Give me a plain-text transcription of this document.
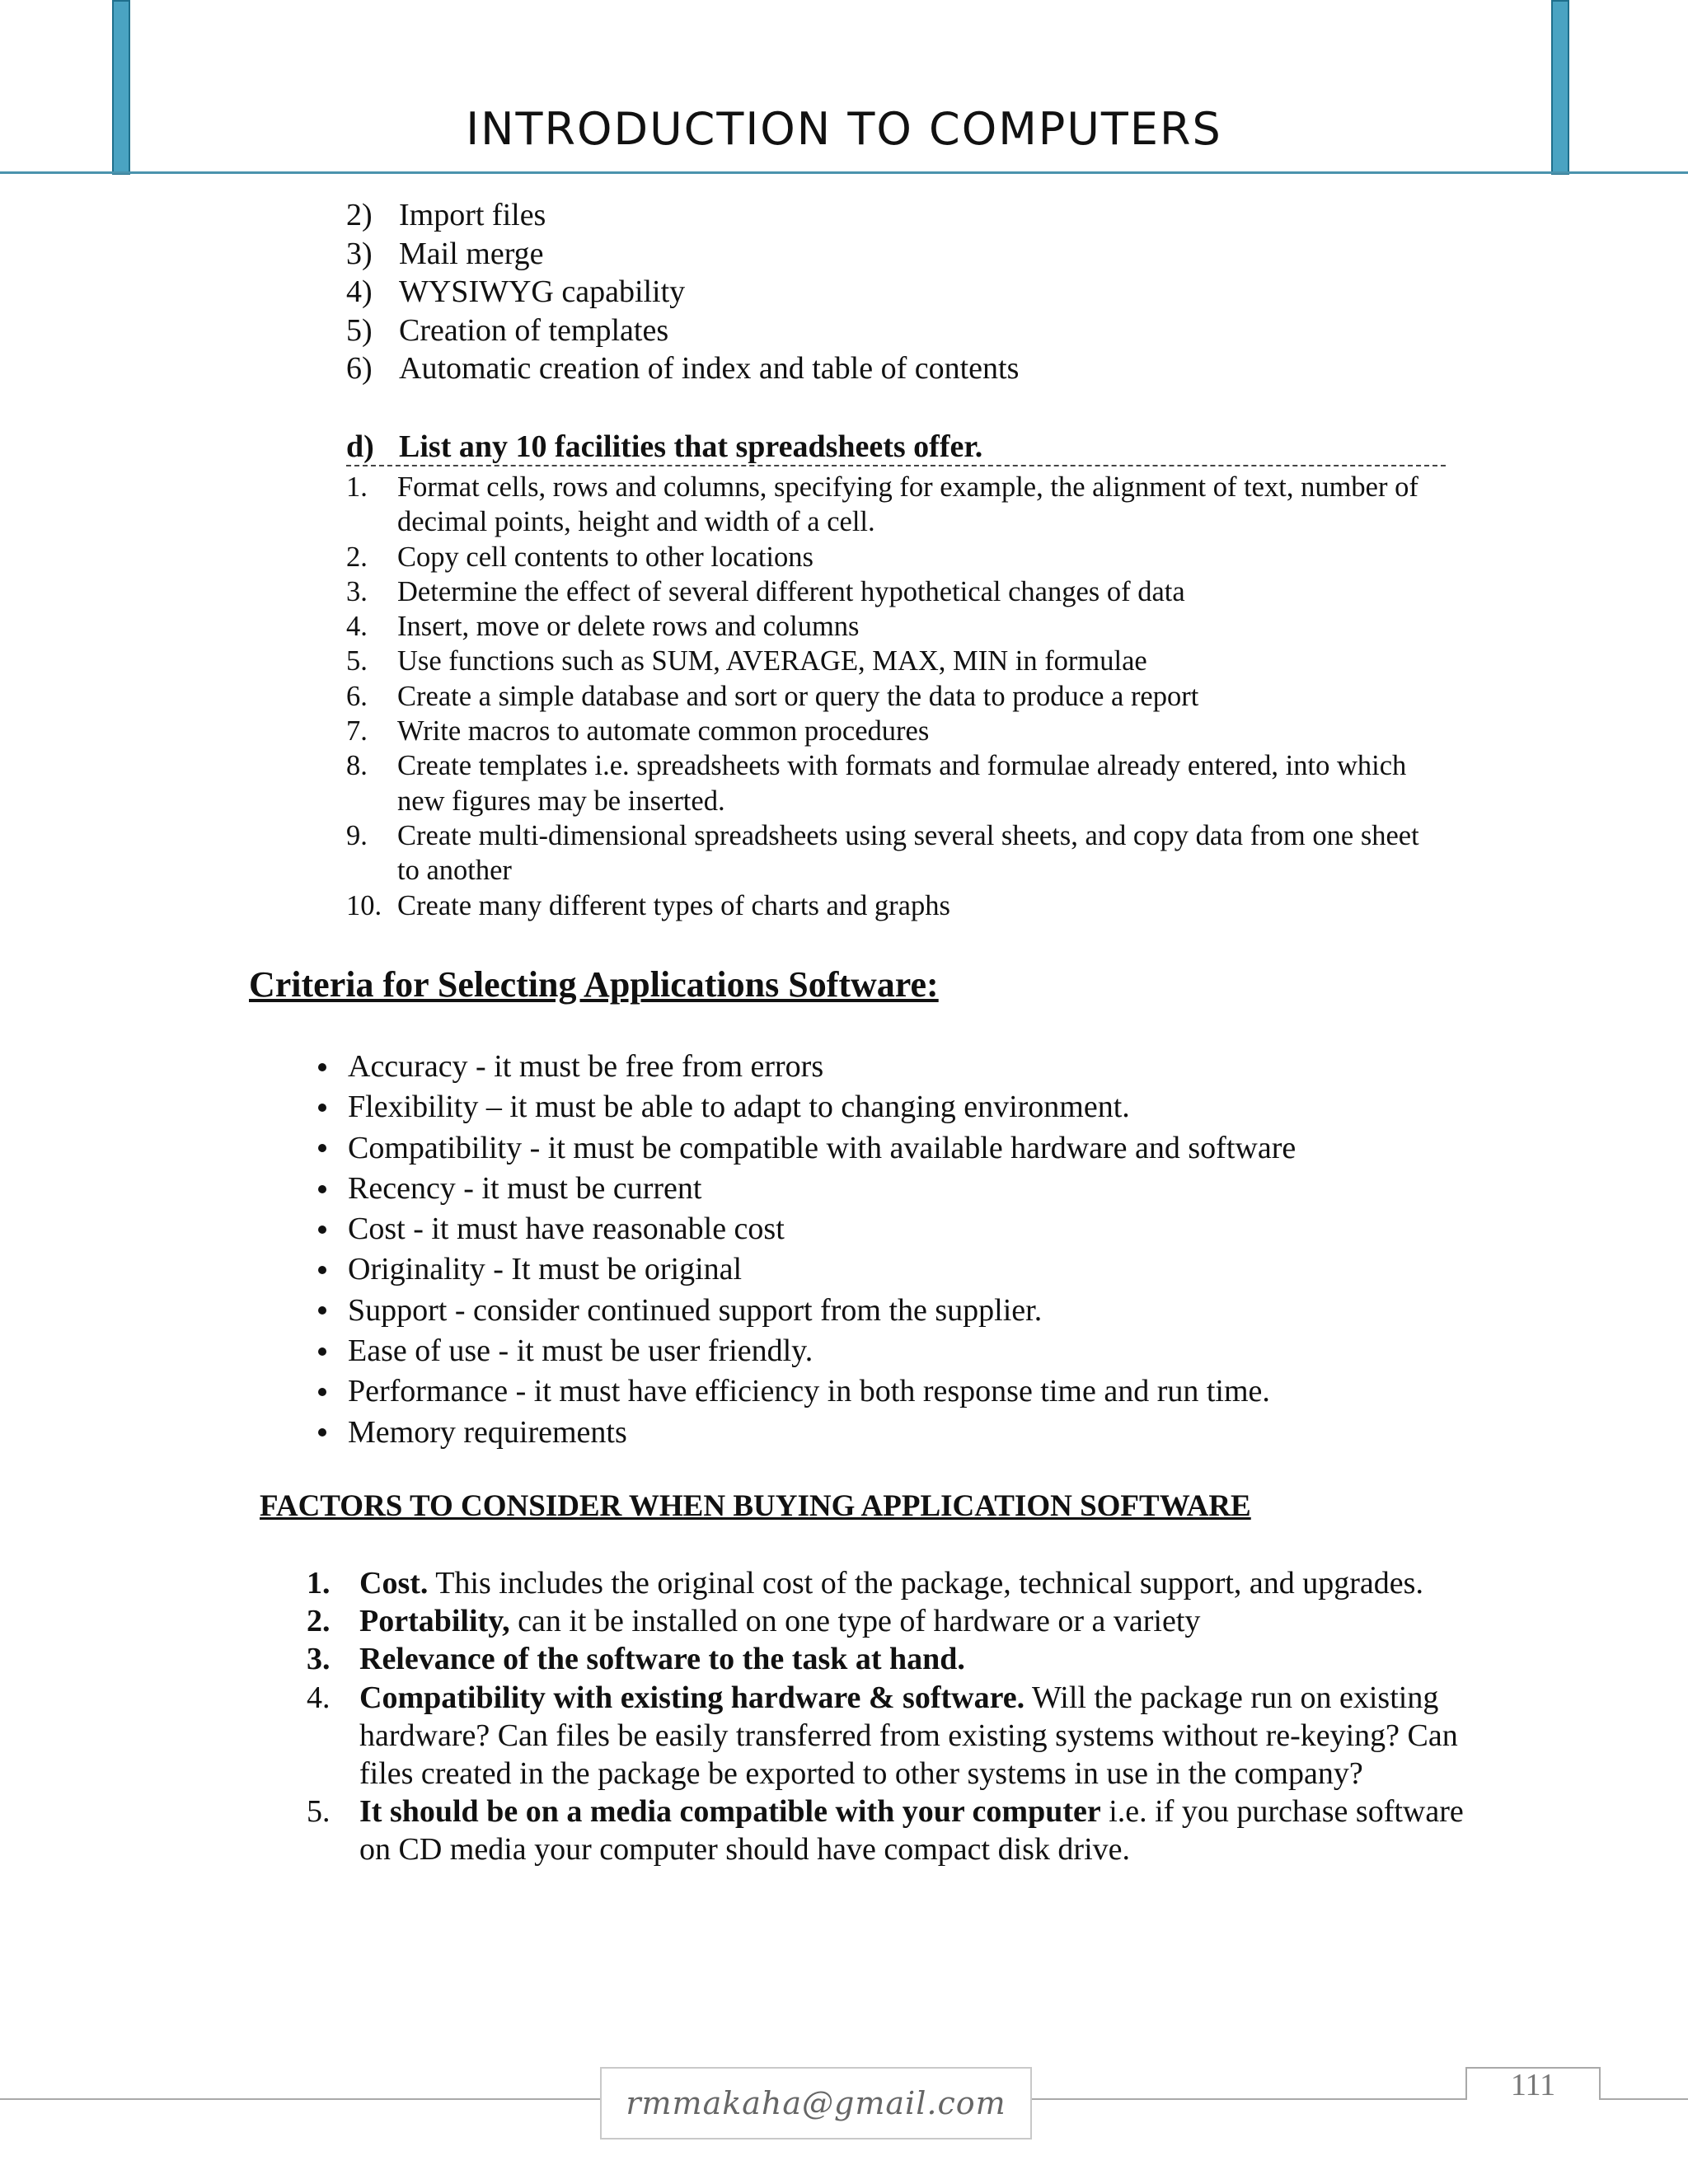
INTRODUCTION TO COMPUTERS
2) Import files
3) Mail merge
4) WYSIWYG capability
5) Creation of templates
6) Automatic creation of index and table of contents
d) List any 10 facilities that spreadsheets offer.
1.	Format cells, rows and columns, specifying for example, the alignment of text, number of decimal points, height and width of a cell.
2.	Copy cell contents to other locations
3.	Determine the effect of several different hypothetical changes of data
4.	Insert, move or delete rows and columns
5.	Use functions such as SUM, AVERAGE, MAX, MIN in formulae
6.	Create a simple database and sort or query the data to produce a report
7.	Write macros to automate common procedures
8.	Create templates i.e. spreadsheets with formats and formulae already entered, into which new figures may be inserted.
9.	Create multi-dimensional spreadsheets using several sheets, and copy data from one sheet to another
10. Create many different types of charts and graphs
Criteria for Selecting Applications Software:
Accuracy - it must be free from errors
Flexibility – it must be able to adapt to changing environment.
Compatibility - it must be compatible with available hardware and software
Recency - it must be current
Cost - it must have reasonable cost
Originality - It must be original
Support - consider continued support from the supplier.
Ease of use - it must be user friendly.
Performance - it must have efficiency in both response time and run time.
Memory requirements
FACTORS TO CONSIDER WHEN BUYING APPLICATION SOFTWARE
1. Cost. This includes the original cost of the package, technical support, and upgrades.
2. Portability, can it be installed on one type of hardware or a variety
3. Relevance of the software to the task at hand.
4. Compatibility with existing hardware & software. Will the package run on existing hardware? Can files be easily transferred from existing systems without re-keying? Can files created in the package be exported to other systems in use in the company?
5. It should be on a media compatible with your computer i.e. if you purchase software on CD media your computer should have compact disk drive.
rmmakaha@gmail.com	111
